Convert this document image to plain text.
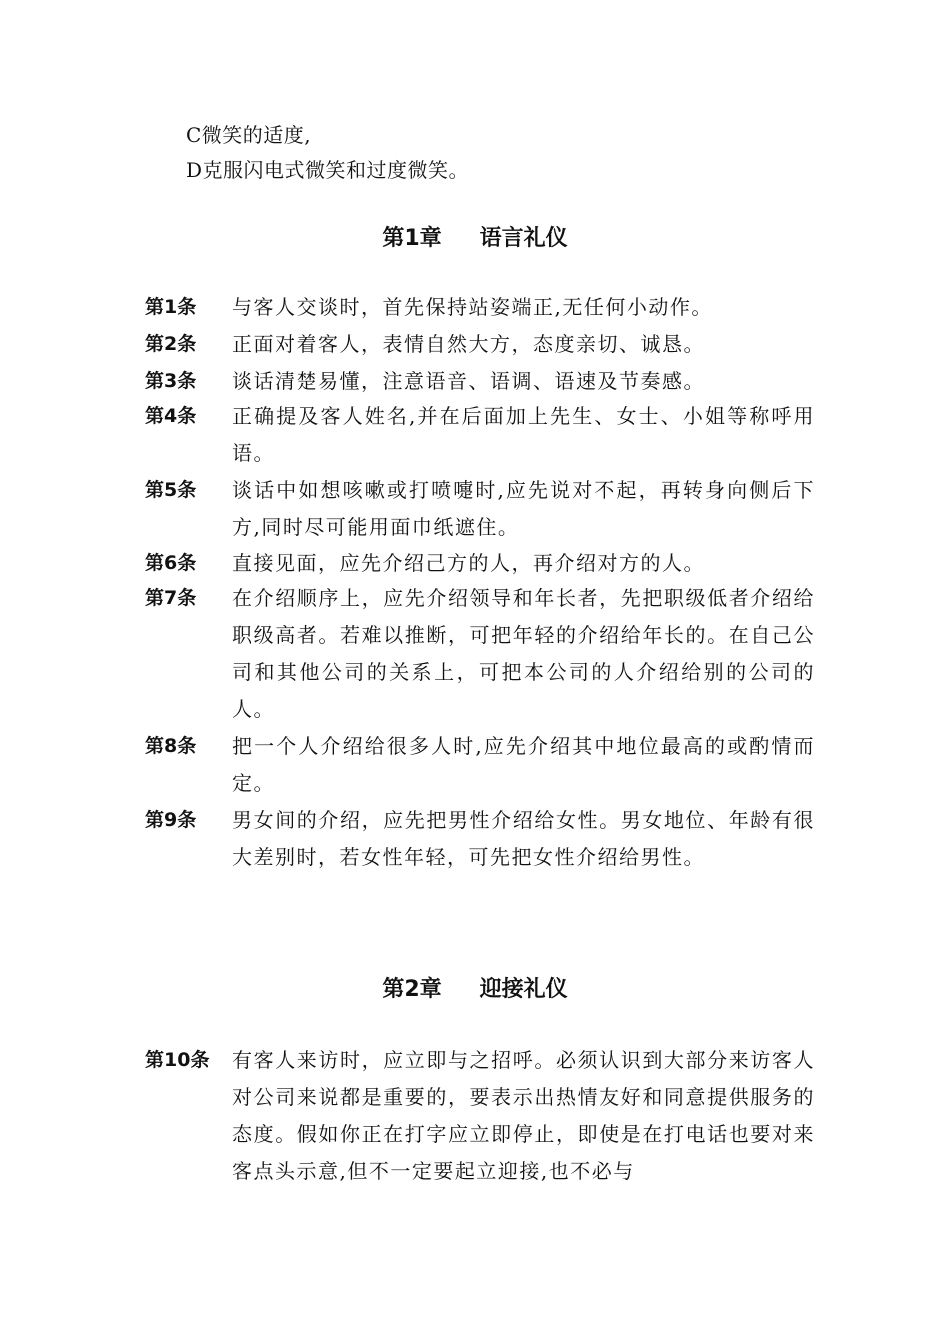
C微笑的适度,
D克服闪电式微笑和过度微笑。
第1章 语言礼仪
第1条 与客人交谈时，首先保持站姿端正,无任何小动作。
第2条 正面对着客人，表情自然大方，态度亲切、诚恳。
第3条 谈话清楚易懂，注意语音、语调、语速及节奏感。
第4条 正确提及客人姓名,并在后面加上先生、女士、小姐等称呼用语。
第5条 谈话中如想咳嗽或打喷嚏时,应先说对不起，再转身向侧后下方,同时尽可能用面巾纸遮住。
第6条 直接见面，应先介绍己方的人，再介绍对方的人。
第7条 在介绍顺序上，应先介绍领导和年长者，先把职级低者介绍给职级高者。若难以推断，可把年轻的介绍给年长的。在自己公司和其他公司的关系上，可把本公司的人介绍给别的公司的人。
第8条 把一个人介绍给很多人时,应先介绍其中地位最高的或酌情而定。
第9条 男女间的介绍，应先把男性介绍给女性。男女地位、年龄有很大差别时，若女性年轻，可先把女性介绍给男性。
第2章 迎接礼仪
第10条 有客人来访时，应立即与之招呼。必须认识到大部分来访客人对公司来说都是重要的，要表示出热情友好和同意提供服务的态度。假如你正在打字应立即停止，即使是在打电话也要对来客点头示意,但不一定要起立迎接,也不必与
